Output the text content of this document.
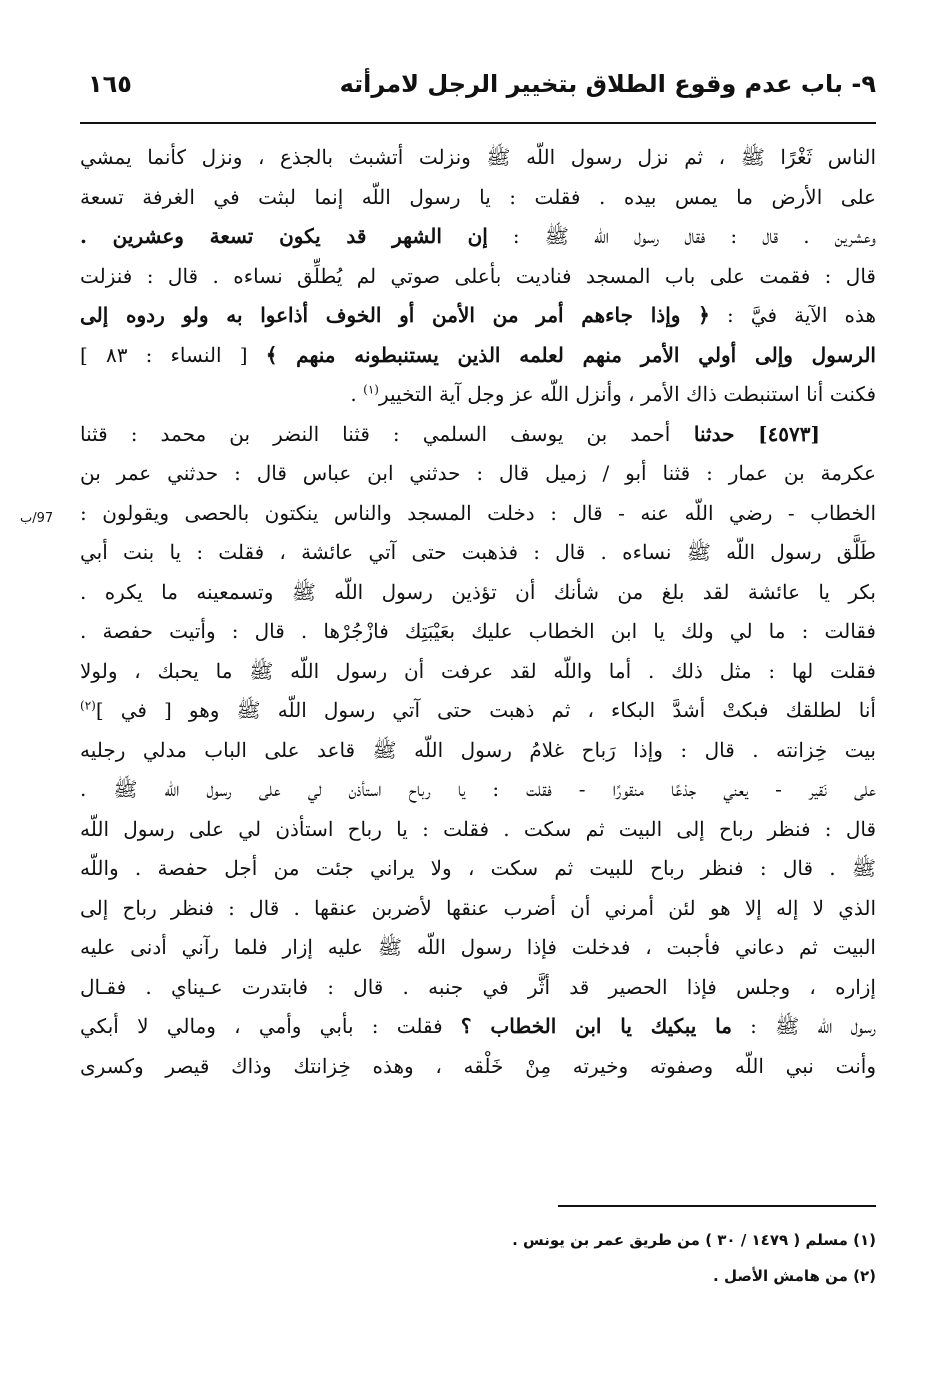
٩- باب عدم وقوع الطلاق بتخيير الرجل لامرأته
١٦٥
97/ب
الناس ثَغْرًا ﷺ ، ثم نزل رسول اللّه ﷺ ونزلت أتشبث بالجذع ، ونزل كأنما يمشي
على الأرض ما يمس بيده . فقلت : يا رسول اللّه إنما لبثت في الغرفة تسعة
وعشرين . قال : فقال رسول اللّه ﷺ : إن الشهر قد يكون تسعة وعشرين .
قال : فقمت على باب المسجد فناديت بأعلى صوتي لم يُطلِّق نساءه . قال : فنزلت
هذه الآية فيَّ : ﴿ وإذا جاءهم أمر من الأمن أو الخوف أذاعوا به ولو ردوه إلى
الرسول وإلى أولي الأمر منهم لعلمه الذين يستنبطونه منهم ﴾ [ النساء : ٨٣ ]
فكنت أنا استنبطت ذاك الأمر ، وأنزل اللّه عز وجل آية التخيير$^{(١)}$ .
[٤٥٧٣] حدثنا أحمد بن يوسف السلمي : قثنا النضر بن محمد : قثنا
عكرمة بن عمار : قثنا أبو / زميل قال : حدثني ابن عباس قال : حدثني عمر بن
الخطاب - رضي اللّه عنه - قال : دخلت المسجد والناس ينكتون بالحصى ويقولون :
طَلَّق رسول اللّه ﷺ نساءه . قال : فذهبت حتى آتي عائشة ، فقلت : يا بنت أبي
بكر يا عائشة لقد بلغ من شأنك أن تؤذين رسول اللّه ﷺ وتسمعينه ما يكره .
فقالت : ما لي ولك يا ابن الخطاب عليك بعَيْبَتِك فازْجُرْها . قال : وأتيت حفصة .
فقلت لها : مثل ذلك . أما واللّه لقد عرفت أن رسول اللّه ﷺ ما يحبك ، ولولا
أنا لطلقك فبكتْ أشدَّ البكاء ، ثم ذهبت حتى آتي رسول اللّه ﷺ وهو [ في ]$^{(٢)}$
بيت خِزانته . قال : وإذا رَباح غلامُ رسول اللّه ﷺ قاعد على الباب مدلي رجليه
على نَقير - يعني جذعًا منقورًا - فقلت : يا رباح استأذن لي على رسول اللّه ﷺ .
قال : فنظر رباح إلى البيت ثم سكت . فقلت : يا رباح استأذن لي على رسول اللّه
ﷺ . قال : فنظر رباح للبيت ثم سكت ، ولا يراني جئت من أجل حفصة . واللّه
الذي لا إله إلا هو لئن أمرني أن أضرب عنقها لأضربن عنقها . قال : فنظر رباح إلى
البيت ثم دعاني فأجبت ، فدخلت فإذا رسول اللّه ﷺ عليه إزار فلما رآني أدنى عليه
إزاره ، وجلس فإذا الحصير قد أثَّر في جنبه . قال : فابتدرت عـيناي . فقـال
رسول اللّه ﷺ : ما يبكيك يا ابن الخطاب ؟ فقلت : بأبي وأمي ، ومالي لا أبكي
وأنت نبي اللّه وصفوته وخيرته مِنْ خَلْقه ، وهذه خِزانتك وذاك قيصر وكسرى
(١) مسلم ( ١٤٧٩ / ٣٠ ) من طريق عمر بن يونس .
(٢) من هامش الأصل .
